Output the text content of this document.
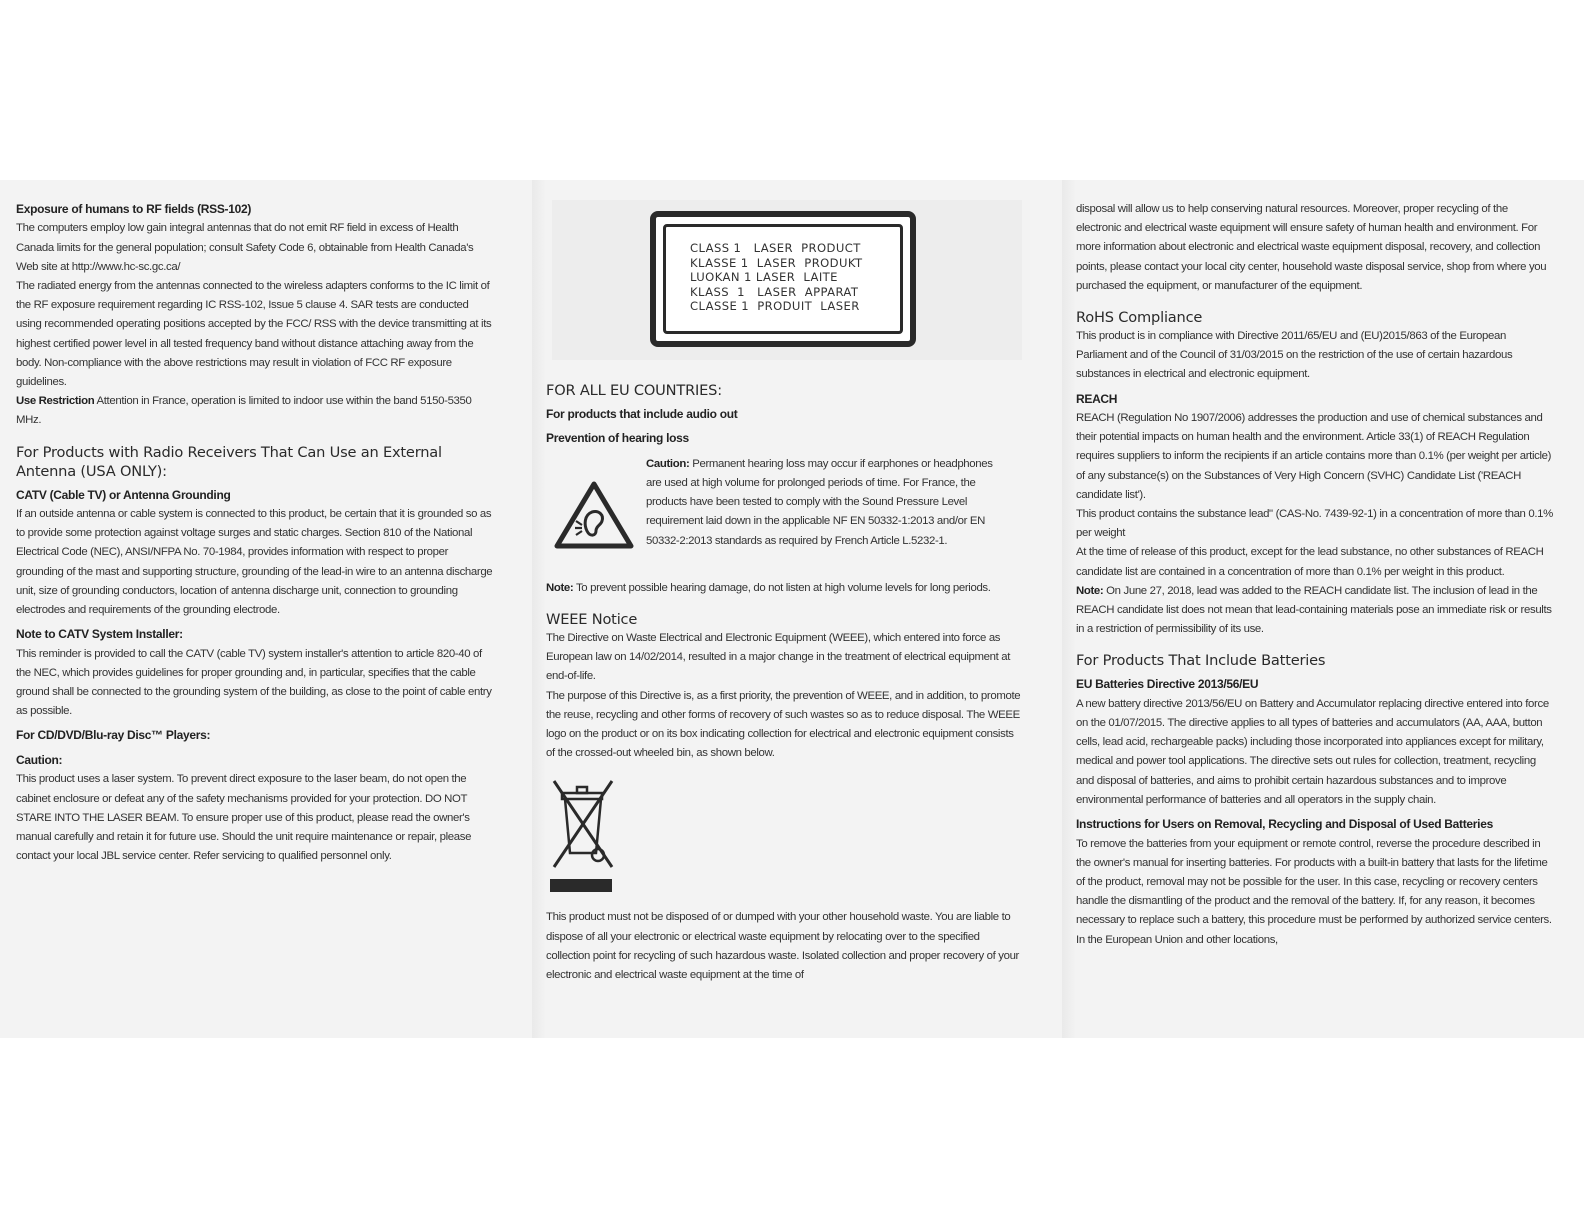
Exposure of humans to RF fields (RSS-102)

The computers employ low gain integral antennas that do not emit RF field in excess of Health Canada limits for the general population; consult Safety Code 6, obtainable from Health Canada's Web site at http://www.hc-sc.gc.ca/

The radiated energy from the antennas connected to the wireless adapters conforms to the IC limit of the RF exposure requirement regarding IC RSS-102, Issue 5 clause 4. SAR tests are conducted using recommended operating positions accepted by the FCC/ RSS with the device transmitting at its highest certified power level in all tested frequency band without distance attaching away from the body. Non-compliance with the above restrictions may result in violation of FCC RF exposure guidelines.

Use Restriction Attention in France, operation is limited to indoor use within the band 5150-5350 MHz.

For Products with Radio Receivers That Can Use an External Antenna (USA ONLY):
CATV (Cable TV) or Antenna Grounding

If an outside antenna or cable system is connected to this product, be certain that it is grounded so as to provide some protection against voltage surges and static charges. Section 810 of the National Electrical Code (NEC), ANSI/NFPA No. 70-1984, provides information with respect to proper grounding of the mast and supporting structure, grounding of the lead-in wire to an antenna discharge unit, size of grounding conductors, location of antenna discharge unit, connection to grounding electrodes and requirements of the grounding electrode.

Note to CATV System Installer:

This reminder is provided to call the CATV (cable TV) system installer's attention to article 820-40 of the NEC, which provides guidelines for proper grounding and, in particular, specifies that the cable ground shall be connected to the grounding system of the building, as close to the point of cable entry as possible.

For CD/DVD/Blu-ray Disc™ Players:
Caution:

This product uses a laser system. To prevent direct exposure to the laser beam, do not open the cabinet enclosure or defeat any of the safety mechanisms provided for your protection. DO NOT STARE INTO THE LASER BEAM. To ensure proper use of this product, please read the owner's manual carefully and retain it for future use. Should the unit require maintenance or repair, please contact your local JBL service center. Refer servicing to qualified personnel only.

CLASS 1   LASER  PRODUCT
KLASSE 1  LASER  PRODUKT
LUOKAN 1 LASER  LAITE
KLASS  1   LASER  APPARAT
CLASSE 1  PRODUIT  LASER
FOR ALL EU COUNTRIES:
For products that include audio out
Prevention of hearing loss

Caution: Permanent hearing loss may occur if earphones or headphones are used at high volume for prolonged periods of time. For France, the products have been tested to comply with the Sound Pressure Level requirement laid down in the applicable NF EN 50332-1:2013 and/or EN 50332-2:2013 standards as required by French Article L.5232-1.

Note: To prevent possible hearing damage, do not listen at high volume levels for long periods.

WEEE Notice

The Directive on Waste Electrical and Electronic Equipment (WEEE), which entered into force as European law on 14/02/2014, resulted in a major change in the treatment of electrical equipment at end-of-life.

The purpose of this Directive is, as a first priority, the prevention of WEEE, and in addition, to promote the reuse, recycling and other forms of recovery of such wastes so as to reduce disposal. The WEEE logo on the product or on its box indicating collection for electrical and electronic equipment consists of the crossed-out wheeled bin, as shown below.

This product must not be disposed of or dumped with your other household waste. You are liable to dispose of all your electronic or electrical waste equipment by relocating over to the specified collection point for recycling of such hazardous waste. Isolated collection and proper recovery of your electronic and electrical waste equipment at the time of

disposal will allow us to help conserving natural resources. Moreover, proper recycling of the electronic and electrical waste equipment will ensure safety of human health and environment. For more information about electronic and electrical waste equipment disposal, recovery, and collection points, please contact your local city center, household waste disposal service, shop from where you purchased the equipment, or manufacturer of the equipment.

RoHS Compliance

This product is in compliance with Directive 2011/65/EU and (EU)2015/863 of the European Parliament and of the Council of 31/03/2015 on the restriction of the use of certain hazardous substances in electrical and electronic equipment.

REACH

REACH (Regulation No 1907/2006) addresses the production and use of chemical substances and their potential impacts on human health and the environment. Article 33(1) of REACH Regulation requires suppliers to inform the recipients if an article contains more than 0.1% (per weight per article) of any substance(s) on the Substances of Very High Concern (SVHC) Candidate List ('REACH candidate list').

This product contains the substance lead" (CAS-No. 7439-92-1) in a concentration of more than 0.1% per weight

At the time of release of this product, except for the lead substance, no other substances of REACH candidate list are contained in a concentration of more than 0.1% per weight in this product.

Note: On June 27, 2018, lead was added to the REACH candidate list. The inclusion of lead in the REACH candidate list does not mean that lead-containing materials pose an immediate risk or results in a restriction of permissibility of its use.

For Products That Include Batteries
EU Batteries Directive 2013/56/EU

A new battery directive 2013/56/EU on Battery and Accumulator replacing directive entered into force on the 01/07/2015. The directive applies to all types of batteries and accumulators (AA, AAA, button cells, lead acid, rechargeable packs) including those incorporated into appliances except for military, medical and power tool applications. The directive sets out rules for collection, treatment, recycling and disposal of batteries, and aims to prohibit certain hazardous substances and to improve environmental performance of batteries and all operators in the supply chain.

Instructions for Users on Removal, Recycling and Disposal of Used Batteries

To remove the batteries from your equipment or remote control, reverse the procedure described in the owner's manual for inserting batteries. For products with a built-in battery that lasts for the lifetime of the product, removal may not be possible for the user. In this case, recycling or recovery centers handle the dismantling of the product and the removal of the battery. If, for any reason, it becomes necessary to replace such a battery, this procedure must be performed by authorized service centers. In the European Union and other locations,
